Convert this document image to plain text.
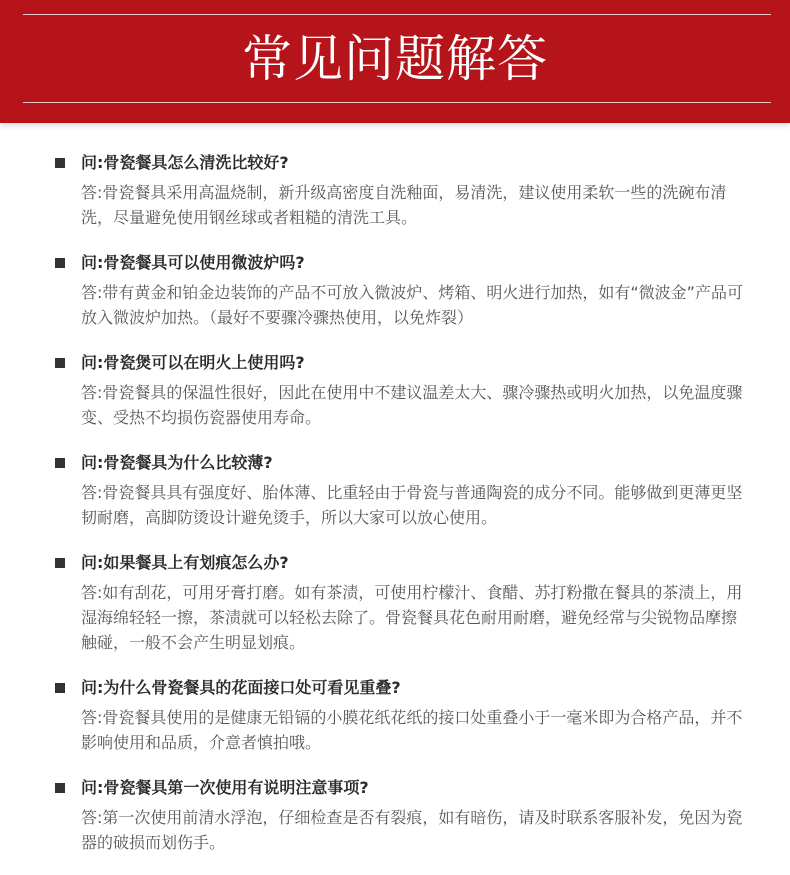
常见问题解答
问:骨瓷餐具怎么清洗比较好?
答:骨瓷餐具采用高温烧制，新升级高密度自洗釉面，易清洗，建议使用柔软一些的洗碗布清洗，尽量避免使用钢丝球或者粗糙的清洗工具。
问:骨瓷餐具可以使用微波炉吗?
答:带有黄金和铂金边装饰的产品不可放入微波炉、烤箱、明火进行加热，如有“微波金”产品可放入微波炉加热。（最好不要骤冷骤热使用，以免炸裂）
问:骨瓷煲可以在明火上使用吗?
答:骨瓷餐具的保温性很好，因此在使用中不建议温差太大、骤冷骤热或明火加热，以免温度骤变、受热不均损伤瓷器使用寿命。
问:骨瓷餐具为什么比较薄?
答:骨瓷餐具具有强度好、胎体薄、比重轻由于骨瓷与普通陶瓷的成分不同。能够做到更薄更坚韧耐磨，高脚防烫设计避免烫手，所以大家可以放心使用。
问:如果餐具上有划痕怎么办?
答:如有刮花，可用牙膏打磨。如有茶渍，可使用柠檬汁、食醋、苏打粉撒在餐具的茶渍上，用湿海绵轻轻一擦，茶渍就可以轻松去除了。骨瓷餐具花色耐用耐磨，避免经常与尖锐物品摩擦触碰，一般不会产生明显划痕。
问:为什么骨瓷餐具的花面接口处可看见重叠?
答:骨瓷餐具使用的是健康无铅镉的小膜花纸花纸的接口处重叠小于一毫米即为合格产品，并不影响使用和品质，介意者慎拍哦。
问:骨瓷餐具第一次使用有说明注意事项?
答:第一次使用前清水浮泡，仔细检查是否有裂痕，如有暗伤，请及时联系客服补发，免因为瓷器的破损而划伤手。
